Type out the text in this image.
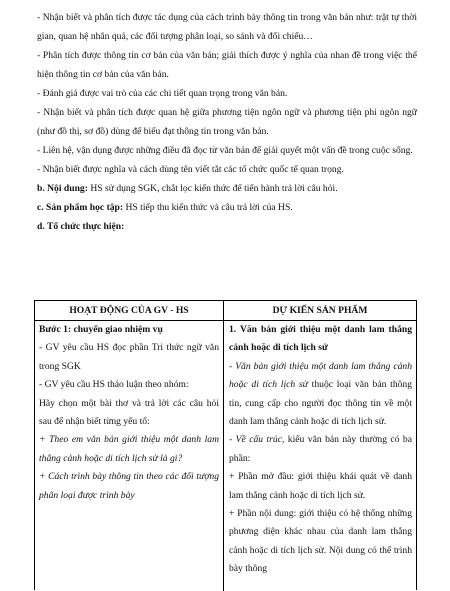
- Nhận biết và phân tích được tác dụng của cách trình bày thông tin trong văn bản như: trật tự thời gian, quan hệ nhân quả, các đối tượng phân loại, so sánh và đối chiếu…

- Phân tích được thông tin cơ bản của văn bản; giải thích được ý nghĩa của nhan đề trong việc thể hiện thông tin cơ bản của văn bản.

- Đánh giá được vai trò của các chi tiết quan trọng trong văn bản.

- Nhận biết và phân tích được quan hệ giữa phương tiện ngôn ngữ và phương tiện phi ngôn ngữ (như đồ thị, sơ đồ) dùng để biểu đạt thông tin trong văn bản.

- Liên hệ, vận dụng được những điều đã đọc từ văn bản để giải quyết một vấn đề trong cuộc sống.

- Nhận biết được nghĩa và cách dùng tên viết tắt các tổ chức quốc tế quan trọng.

b. Nội dung: HS sử dụng SGK, chắt lọc kiến thức để tiến hành trả lời câu hỏi.

c. Sản phẩm học tập: HS tiếp thu kiến thức và câu trả lời của HS.

d. Tổ chức thực hiện:

HOẠT ĐỘNG CỦA GV - HS	DỰ KIẾN SẢN PHẨM

Bước 1: chuyển giao nhiệm vụ

- GV yêu cầu HS đọc phần Tri thức ngữ văn trong SGK

- GV yêu cầu HS thảo luận theo nhóm:

Hãy chọn một bài thơ và trả lời các câu hỏi sau để nhận biết từng yếu tố:

+ Theo em văn bản giới thiệu một danh lam thắng cảnh hoặc di tích lịch sử là gì?

+ Cách trình bày thông tin theo các đối tượng phân loại được trình bày

1. Văn bản giới thiệu một danh lam thắng cảnh hoặc di tích lịch sử

- Văn bản giới thiệu một danh lam thắng cảnh hoặc di tích lịch sử thuộc loại văn bản thông tin, cung cấp cho người đọc thông tin về một danh lam thắng cảnh hoặc di tích lịch sử.

- Về cấu trúc, kiểu văn bản này thường có ba phần:

+ Phần mở đầu: giới thiệu khái quát về danh lam thắng cảnh hoặc di tích lịch sử.

+ Phần nội dung: giới thiệu có hệ thống những phương diện khác nhau của danh lam thắng cảnh hoặc di tích lịch sử. Nội dung có thể trình bày thông
